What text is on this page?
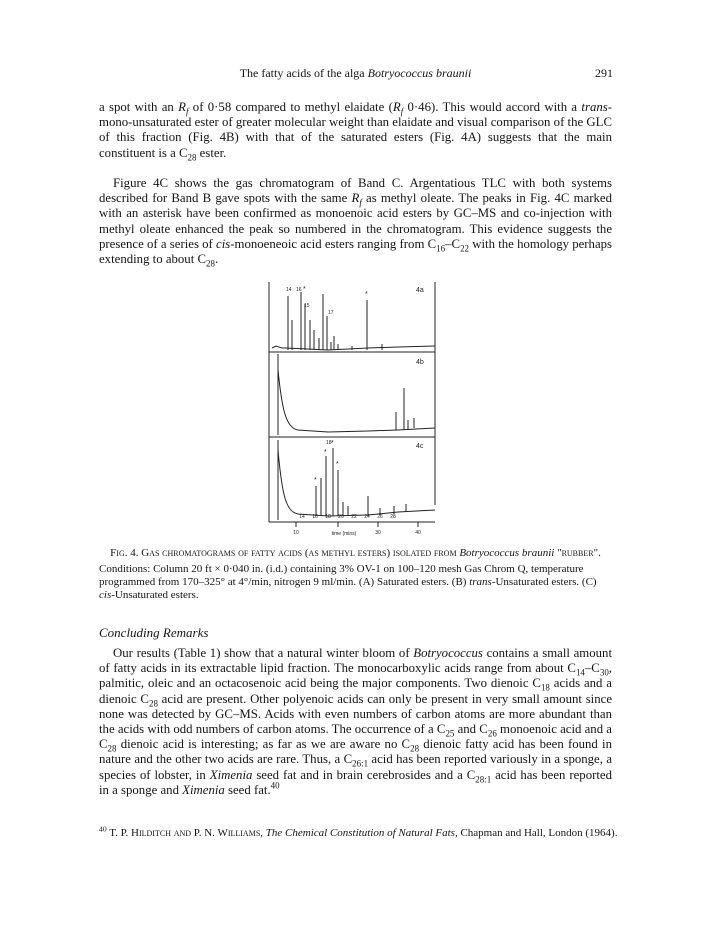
The fatty acids of the alga Botryococcus braunii	291

a spot with an $R_f$ of 0·58 compared to methyl elaidate ($R_f$ 0·46). This would accord with a trans-mono-unsaturated ester of greater molecular weight than elaidate and visual comparison of the GLC of this fraction (Fig. 4B) with that of the saturated esters (Fig. 4A) suggests that the main constituent is a $C_{28}$ ester.

Figure 4C shows the gas chromatogram of Band C. Argentatious TLC with both systems described for Band B gave spots with the same $R_f$ as methyl oleate. The peaks in Fig. 4C marked with an asterisk have been confirmed as monoenoic acid esters by GC–MS and co-injection with methyl oleate enhanced the peak so numbered in the chromatogram. This evidence suggests the presence of a series of cis-monoeneoic acid esters ranging from $C_{16}-C_{22}$ with the homology perhaps extending to about $C_{28}$.

*
*
*
*
*
*
4a
4b
4c
14 16
15
17
18
14 16 18 20 22 24 26 28
10	30	40
time (mins)
Fig. 4. Gas chromatograms of fatty acids (as methyl esters) isolated from Botryococcus braunii "rubber".
Conditions: Column 20 ft × 0·040 in. (i.d.) containing 3% OV-1 on 100–120 mesh Gas Chrom Q, temperature programmed from 170–325° at 4°/min, nitrogen 9 ml/min. (A) Saturated esters. (B) trans-Unsaturated esters. (C) cis-Unsaturated esters.

Concluding Remarks

Our results (Table 1) show that a natural winter bloom of Botryococcus contains a small amount of fatty acids in its extractable lipid fraction. The monocarboxylic acids range from about $C_{14}-C_{30}$, palmitic, oleic and an octacosenoic acid being the major components. Two dienoic $C_{18}$ acids and a dienoic $C_{28}$ acid are present. Other polyenoic acids can only be present in very small amount since none was detected by GC–MS. Acids with even numbers of carbon atoms are more abundant than the acids with odd numbers of carbon atoms. The occurrence of a $C_{25}$ and $C_{26}$ monoenoic acid and a $C_{28}$ dienoic acid is interesting; as far as we are aware no $C_{28}$ dienoic fatty acid has been found in nature and the other two acids are rare. Thus, a $C_{26:1}$ acid has been reported variously in a sponge, a species of lobster, in Ximenia seed fat and in brain cerebrosides and a $C_{28:1}$ acid has been reported in a sponge and Ximenia seed fat.$^{40}$

$^{40}$ T. P. Hilditch and P. N. Williams, The Chemical Constitution of Natural Fats, Chapman and Hall, London (1964).
